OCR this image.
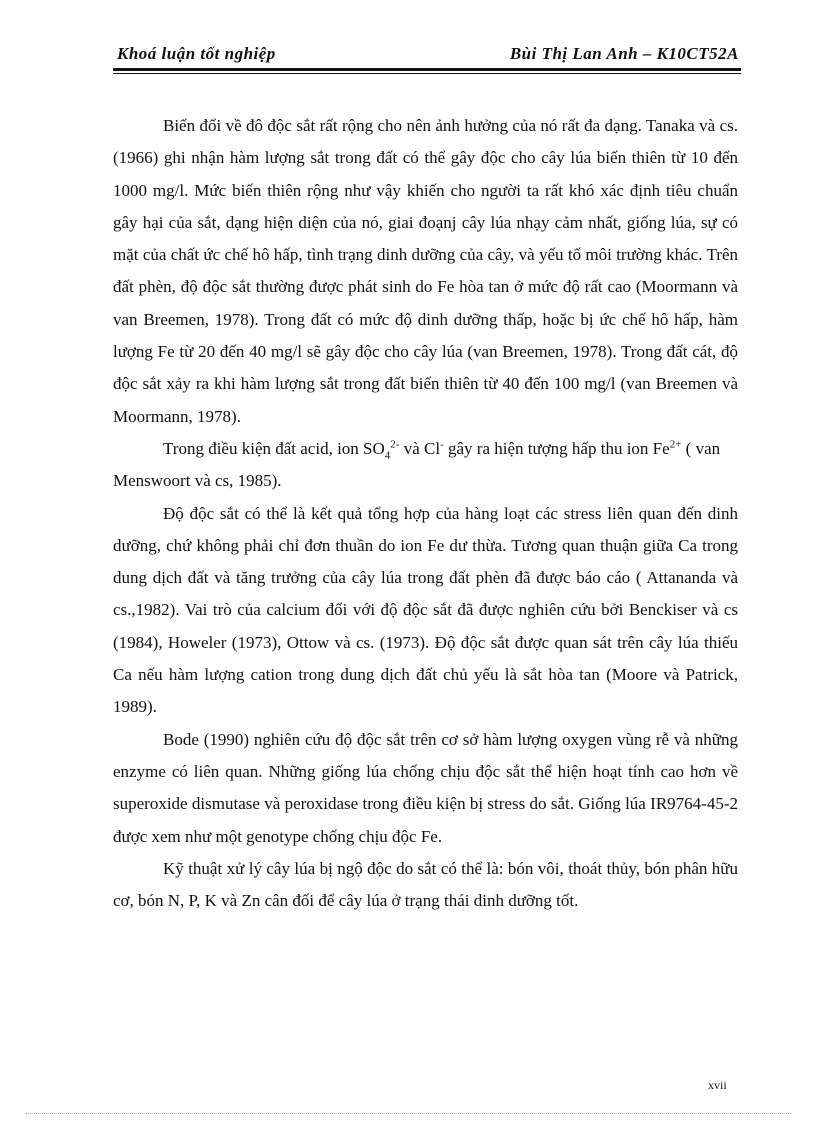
Khoá luận tốt nghiệp	Bùi Thị Lan Anh – K10CT52A

Biến đổi về đô độc sắt rất rộng cho nên ảnh hưởng của nó rất đa dạng. Tanaka và cs.(1966) ghi nhận hàm lượng sắt trong đất có thể gây độc cho cây lúa biến thiên từ 10 đến 1000 mg/l. Mức biến thiên rộng như vậy khiến cho người ta rất khó xác định tiêu chuẩn gây hại của sắt, dạng hiện diện của nó, giai đoạnj cây lúa nhạy cảm nhất, giống lúa, sự có mặt của chất ức chế hô hấp, tình trạng dinh dưỡng của cây, và yếu tố môi trường khác. Trên đất phèn, độ độc sắt thường được phát sinh do Fe hòa tan ở mức độ rất cao (Moormann và van Breemen, 1978). Trong đất có mức độ dinh dưỡng thấp, hoặc bị ức chế hô hấp, hàm lượng Fe từ 20 đến 40 mg/l sẽ gây độc cho cây lúa (van Breemen, 1978). Trong đất cát, độ độc sắt xảy ra khi hàm lượng sắt trong đất biến thiên từ 40 đến 100 mg/l (van Breemen và Moormann, 1978).

Trong điều kiện đất acid, ion $SO_4^{2-}$ và Cl- gây ra hiện tượng hấp thu ion $Fe^{2+}$ ( van Menswoort và cs, 1985).

Độ độc sắt có thể là kết quả tổng hợp của hàng loạt các stress liên quan đến dinh dưỡng, chứ không phải chỉ đơn thuần do ion Fe dư thừa. Tương quan thuận giữa Ca trong dung dịch đất và tăng trưởng của cây lúa trong đất phèn đã được báo cáo ( Attananda và cs.,1982). Vai trò của calcium đối với độ độc sắt đã được nghiên cứu bởi Benckiser và cs (1984), Howeler (1973), Ottow và cs. (1973). Độ độc sắt được quan sát trên cây lúa thiếu Ca nếu hàm lượng cation trong dung dịch đất chủ yếu là sắt hòa tan (Moore và Patrick, 1989).

Bode (1990) nghiên cứu độ độc sắt trên cơ sở hàm lượng oxygen vùng rễ và những enzyme có liên quan. Những giống lúa chống chịu độc sắt thể hiện hoạt tính cao hơn về superoxide dismutase và peroxidase trong điều kiện bị stress do sắt. Giống lúa IR9764-45-2 được xem như một genotype chống chịu độc Fe.

Kỹ thuật xử lý cây lúa bị ngộ độc do sắt có thể là: bón vôi, thoát thủy, bón phân hữu cơ, bón N, P, K và Zn cân đối để cây lúa ở trạng thái dinh dưỡng tốt.

xvii
